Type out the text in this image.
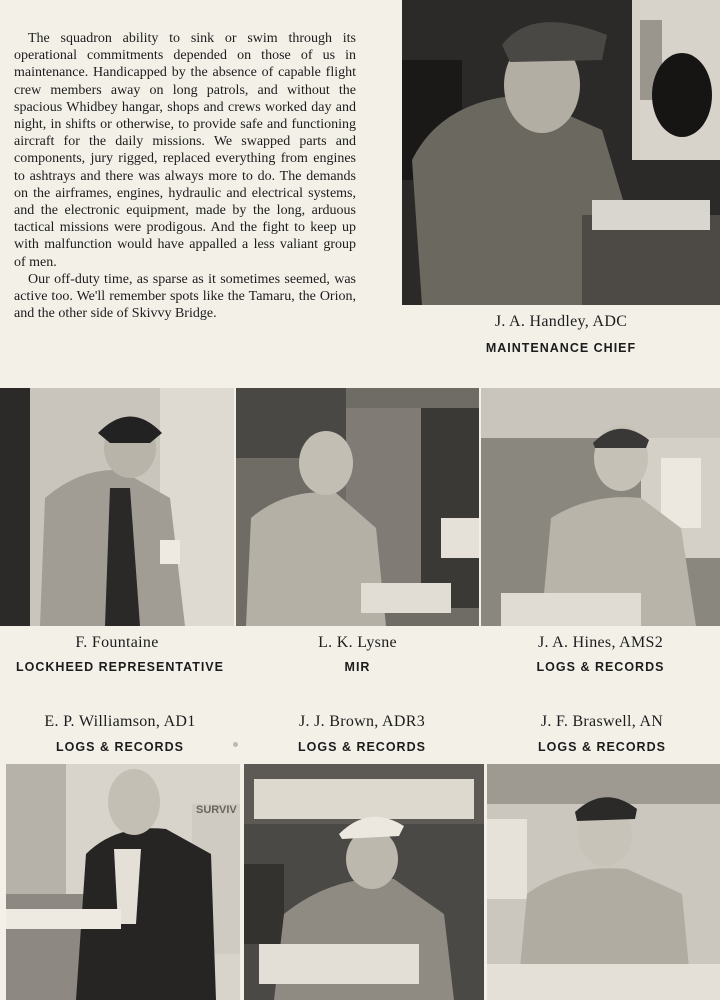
The squadron ability to sink or swim through its operational commitments depended on those of us in maintenance. Handicapped by the absence of capable flight crew members away on long patrols, and without the spacious Whidbey hangar, shops and crews worked day and night, in shifts or otherwise, to provide safe and functioning aircraft for the daily missions. We swapped parts and components, jury rigged, replaced everything from engines to ashtrays and there was always more to do. The demands on the airframes, engines, hydraulic and electrical systems, and the electronic equipment, made by the long, arduous tactical missions were prodigous. And the fight to keep up with malfunction would have appalled a less valiant group of men.

Our off-duty time, as sparse as it sometimes seemed, was active too. We'll remember spots like the Tamaru, the Orion, and the other side of Skivvy Bridge.	J. A. Handley, ADC
MAINTENANCE CHIEF
F. Fountaine
LOCKHEED REPRESENTATIVE
L. K. Lysne
MIR
J. A. Hines, AMS2
LOGS & RECORDS
E. P. Williamson, AD1
LOGS & RECORDS
J. J. Brown, ADR3
LOGS & RECORDS
J. F. Braswell, AN
LOGS & RECORDS
SURVIV
